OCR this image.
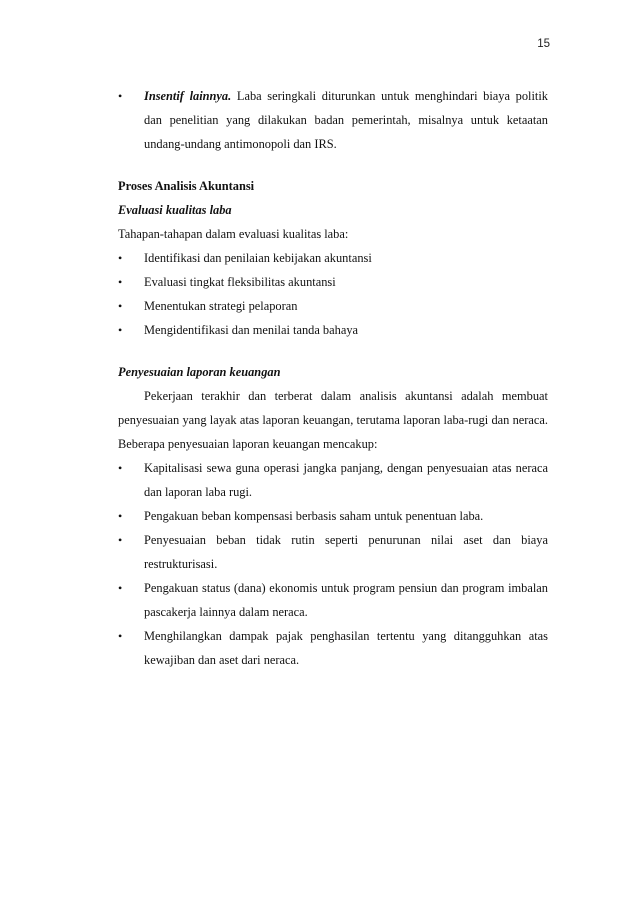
15
• Insentif lainnya. Laba seringkali diturunkan untuk menghindari biaya politik dan penelitian yang dilakukan badan pemerintah, misalnya untuk ketaatan undang-undang antimonopoli dan IRS.

Proses Analisis Akuntansi

Evaluasi kualitas laba

Tahapan-tahapan dalam evaluasi kualitas laba:

• Identifikasi dan penilaian kebijakan akuntansi
• Evaluasi tingkat fleksibilitas akuntansi
• Menentukan strategi pelaporan
• Mengidentifikasi dan menilai tanda bahaya

Penyesuaian laporan keuangan

Pekerjaan terakhir dan terberat dalam analisis akuntansi adalah membuat penyesuaian yang layak atas laporan keuangan, terutama laporan laba-rugi dan neraca. Beberapa penyesuaian laporan keuangan mencakup:

• Kapitalisasi sewa guna operasi jangka panjang, dengan penyesuaian atas neraca dan laporan laba rugi.
• Pengakuan beban kompensasi berbasis saham untuk penentuan laba.
• Penyesuaian beban tidak rutin seperti penurunan nilai aset dan biaya restrukturisasi.
• Pengakuan status (dana) ekonomis untuk program pensiun dan program imbalan pascakerja lainnya dalam neraca.
• Menghilangkan dampak pajak penghasilan tertentu yang ditangguhkan atas kewajiban dan aset dari neraca.
